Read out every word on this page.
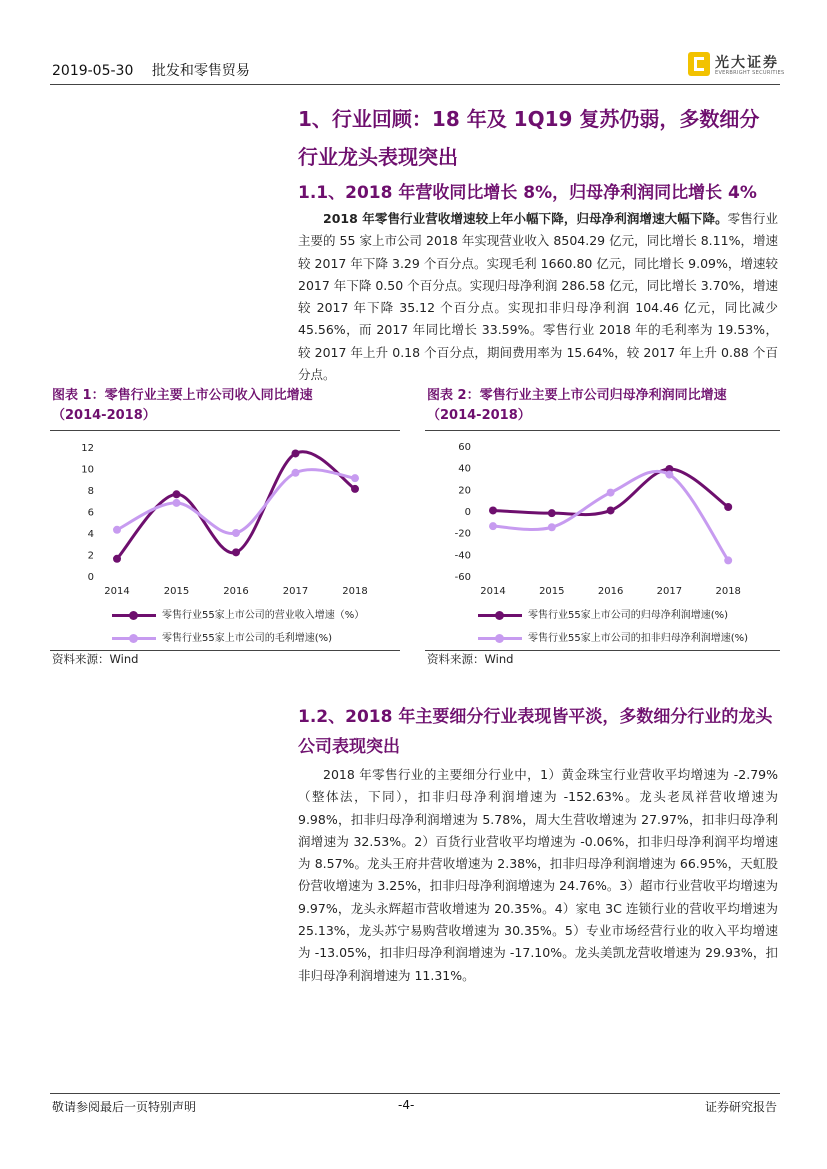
2019-05-30 批发和零售贸易	光大证券
EVERBRIGHT SECURITIES
1、行业回顾：18 年及 1Q19 复苏仍弱，多数细分行业龙头表现突出
1.1、2018 年营收同比增长 8%，归母净利润同比增长 4%
2018 年零售行业营收增速较上年小幅下降，归母净利润增速大幅下降。零售行业主要的 55 家上市公司 2018 年实现营业收入 8504.29 亿元，同比增长 8.11%，增速较 2017 年下降 3.29 个百分点。实现毛利 1660.80 亿元，同比增长 9.09%，增速较 2017 年下降 0.50 个百分点。实现归母净利润 286.58 亿元，同比增长 3.70%，增速较 2017 年下降 35.12 个百分点。实现扣非归母净利润 104.46 亿元，同比减少 45.56%，而 2017 年同比增长 33.59%。零售行业 2018 年的毛利率为 19.53%，较 2017 年上升 0.18 个百分点，期间费用率为 15.64%，较 2017 年上升 0.88 个百分点。
图表 1：零售行业主要上市公司收入同比增速
（2014-2018）
0
2
4
6
8
10
12
2014	2015	2016	2017	2018
零售行业55家上市公司的营业收入增速（%）
零售行业55家上市公司的毛利增速(%)
资料来源：Wind
图表 2：零售行业主要上市公司归母净利润同比增速
（2014-2018）
-60
-40
-20
0
20
40
60
2014	2015	2016	2017	2018
零售行业55家上市公司的归母净利润增速(%)
零售行业55家上市公司的扣非归母净利润增速(%)
资料来源：Wind
1.2、2018 年主要细分行业表现皆平淡，多数细分行业的龙头公司表现突出
2018 年零售行业的主要细分行业中，1）黄金珠宝行业营收平均增速为 -2.79%（整体法，下同），扣非归母净利润增速为 -152.63%。龙头老凤祥营收增速为 9.98%，扣非归母净利润增速为 5.78%，周大生营收增速为 27.97%，扣非归母净利润增速为 32.53%。2）百货行业营收平均增速为 -0.06%，扣非归母净利润平均增速为 8.57%。龙头王府井营收增速为 2.38%，扣非归母净利润增速为 66.95%，天虹股份营收增速为 3.25%，扣非归母净利润增速为 24.76%。3）超市行业营收平均增速为 9.97%，龙头永辉超市营收增速为 20.35%。4）家电 3C 连锁行业的营收平均增速为 25.13%，龙头苏宁易购营收增速为 30.35%。5）专业市场经营行业的收入平均增速为 -13.05%，扣非归母净利润增速为 -17.10%。龙头美凯龙营收增速为 29.93%，扣非归母净利润增速为 11.31%。
敬请参阅最后一页特别声明	-4-	证券研究报告
